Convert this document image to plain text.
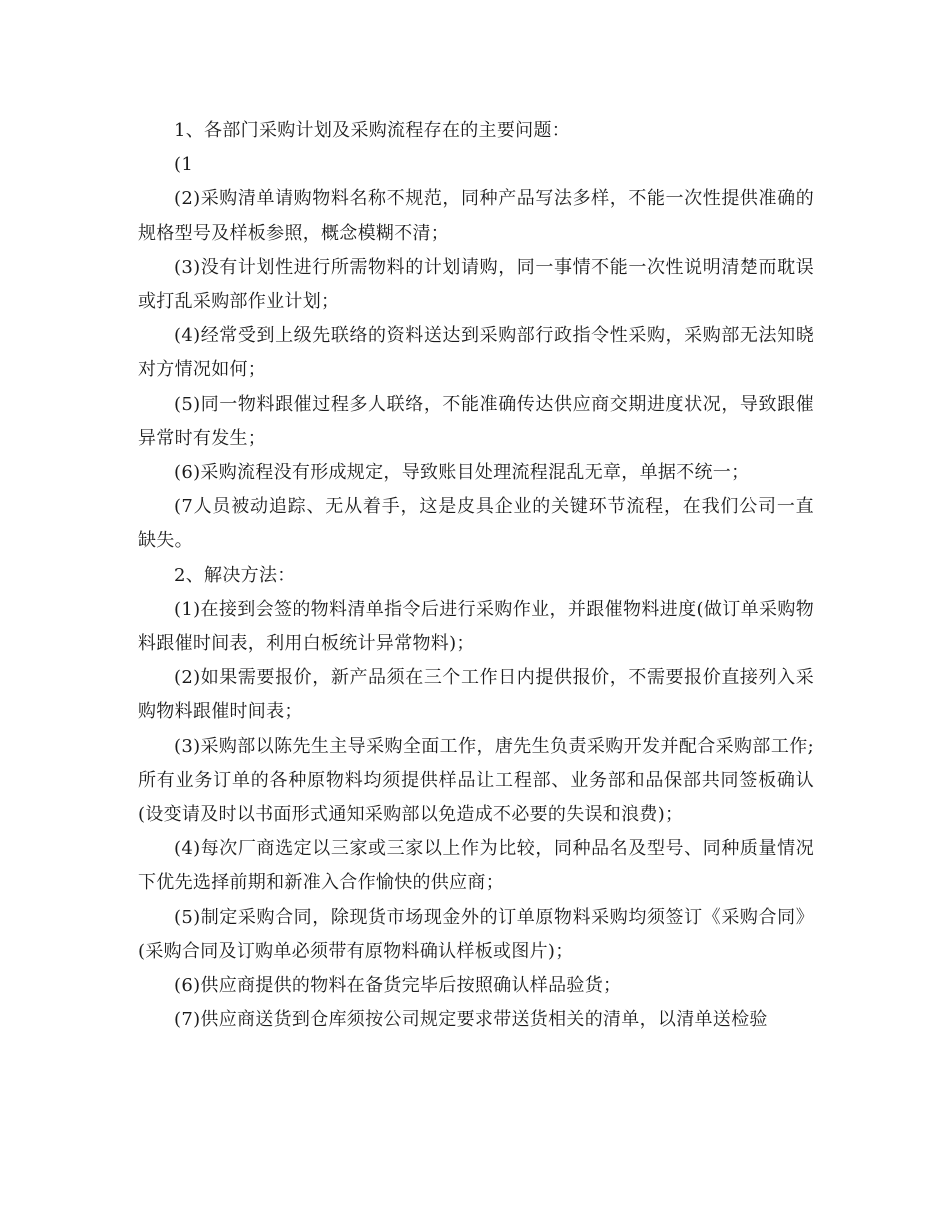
1、各部门采购计划及采购流程存在的主要问题：

(1

(2)采购清单请购物料名称不规范，同种产品写法多样，不能一次性提供准确的规格型号及样板参照，概念模糊不清；

(3)没有计划性进行所需物料的计划请购，同一事情不能一次性说明清楚而耽误或打乱采购部作业计划；

(4)经常受到上级先联络的资料送达到采购部行政指令性采购，采购部无法知晓对方情况如何；

(5)同一物料跟催过程多人联络，不能准确传达供应商交期进度状况，导致跟催异常时有发生；

(6)采购流程没有形成规定，导致账目处理流程混乱无章，单据不统一；

(7人员被动追踪、无从着手，这是皮具企业的关键环节流程，在我们公司一直缺失。

2、解决方法：

(1)在接到会签的物料清单指令后进行采购作业，并跟催物料进度(做订单采购物料跟催时间表，利用白板统计异常物料)；

(2)如果需要报价，新产品须在三个工作日内提供报价，不需要报价直接列入采购物料跟催时间表；

(3)采购部以陈先生主导采购全面工作，唐先生负责采购开发并配合采购部工作;所有业务订单的各种原物料均须提供样品让工程部、业务部和品保部共同签板确认(设变请及时以书面形式通知采购部以免造成不必要的失误和浪费)；

(4)每次厂商选定以三家或三家以上作为比较，同种品名及型号、同种质量情况下优先选择前期和新准入合作愉快的供应商；

(5)制定采购合同，除现货市场现金外的订单原物料采购均须签订《采购合同》(采购合同及订购单必须带有原物料确认样板或图片)；

(6)供应商提供的物料在备货完毕后按照确认样品验货；

(7)供应商送货到仓库须按公司规定要求带送货相关的清单，以清单送检验
